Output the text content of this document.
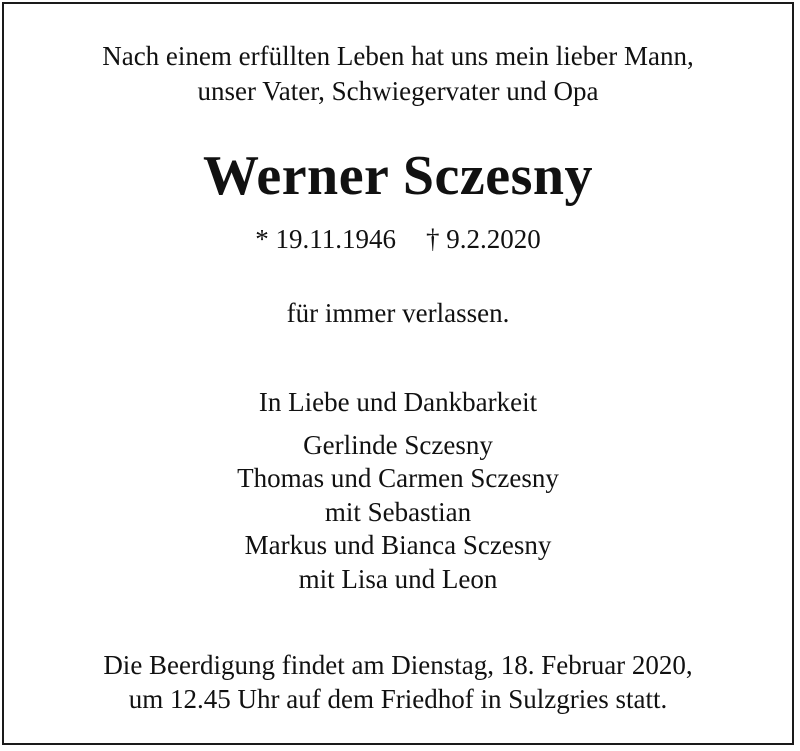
Nach einem erfüllten Leben hat uns mein lieber Mann,
unser Vater, Schwiegervater und Opa
Werner Sczesny
* 19.11.1946 † 9.2.2020
für immer verlassen.
In Liebe und Dankbarkeit
Gerlinde Sczesny
Thomas und Carmen Sczesny
mit Sebastian
Markus und Bianca Sczesny
mit Lisa und Leon
Die Beerdigung findet am Dienstag, 18. Februar 2020,
um 12.45 Uhr auf dem Friedhof in Sulzgries statt.
